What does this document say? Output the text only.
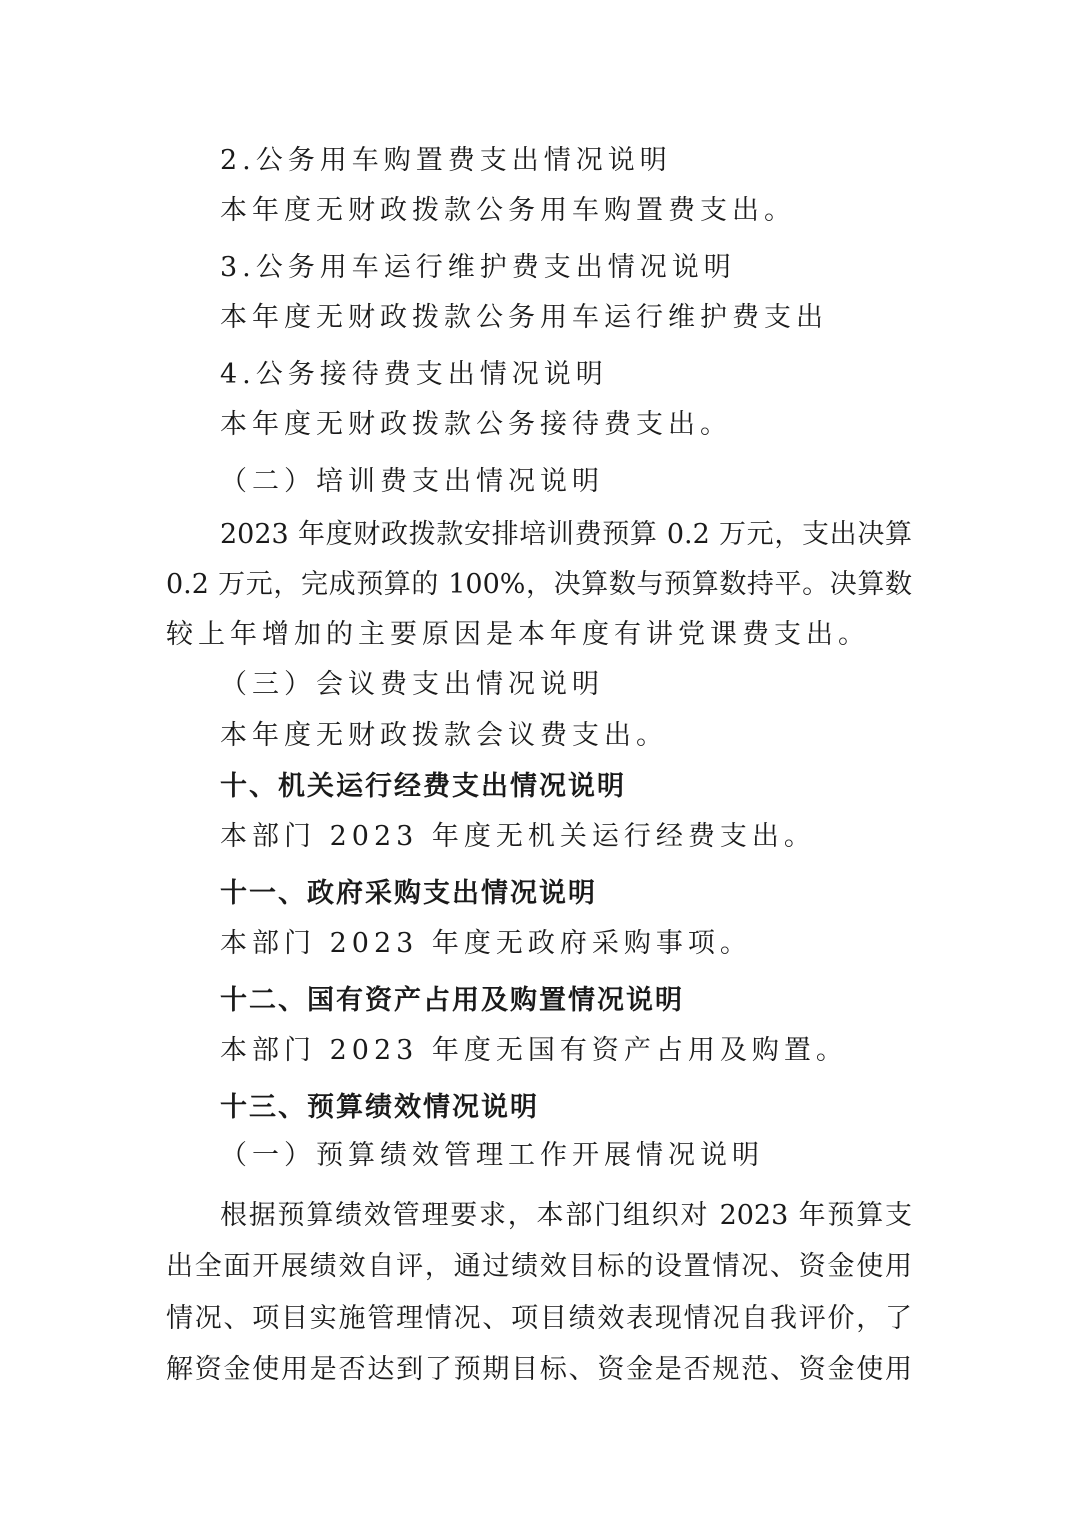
2.公务用车购置费支出情况说明
本年度无财政拨款公务用车购置费支出。
3.公务用车运行维护费支出情况说明
本年度无财政拨款公务用车运行维护费支出
4.公务接待费支出情况说明
本年度无财政拨款公务接待费支出。
（二）培训费支出情况说明
2023 年度财政拨款安排培训费预算 0.2 万元，支出决算
0.2 万元，完成预算的 100%，决算数与预算数持平。决算数
较上年增加的主要原因是本年度有讲党课费支出。
（三）会议费支出情况说明
本年度无财政拨款会议费支出。
十、机关运行经费支出情况说明
本部门 2023 年度无机关运行经费支出。
十一、政府采购支出情况说明
本部门 2023 年度无政府采购事项。
十二、国有资产占用及购置情况说明
本部门 2023 年度无国有资产占用及购置。
十三、预算绩效情况说明
（一）预算绩效管理工作开展情况说明
根据预算绩效管理要求，本部门组织对 2023 年预算支
出全面开展绩效自评，通过绩效目标的设置情况、资金使用
情况、项目实施管理情况、项目绩效表现情况自我评价，了
解资金使用是否达到了预期目标、资金是否规范、资金使用
